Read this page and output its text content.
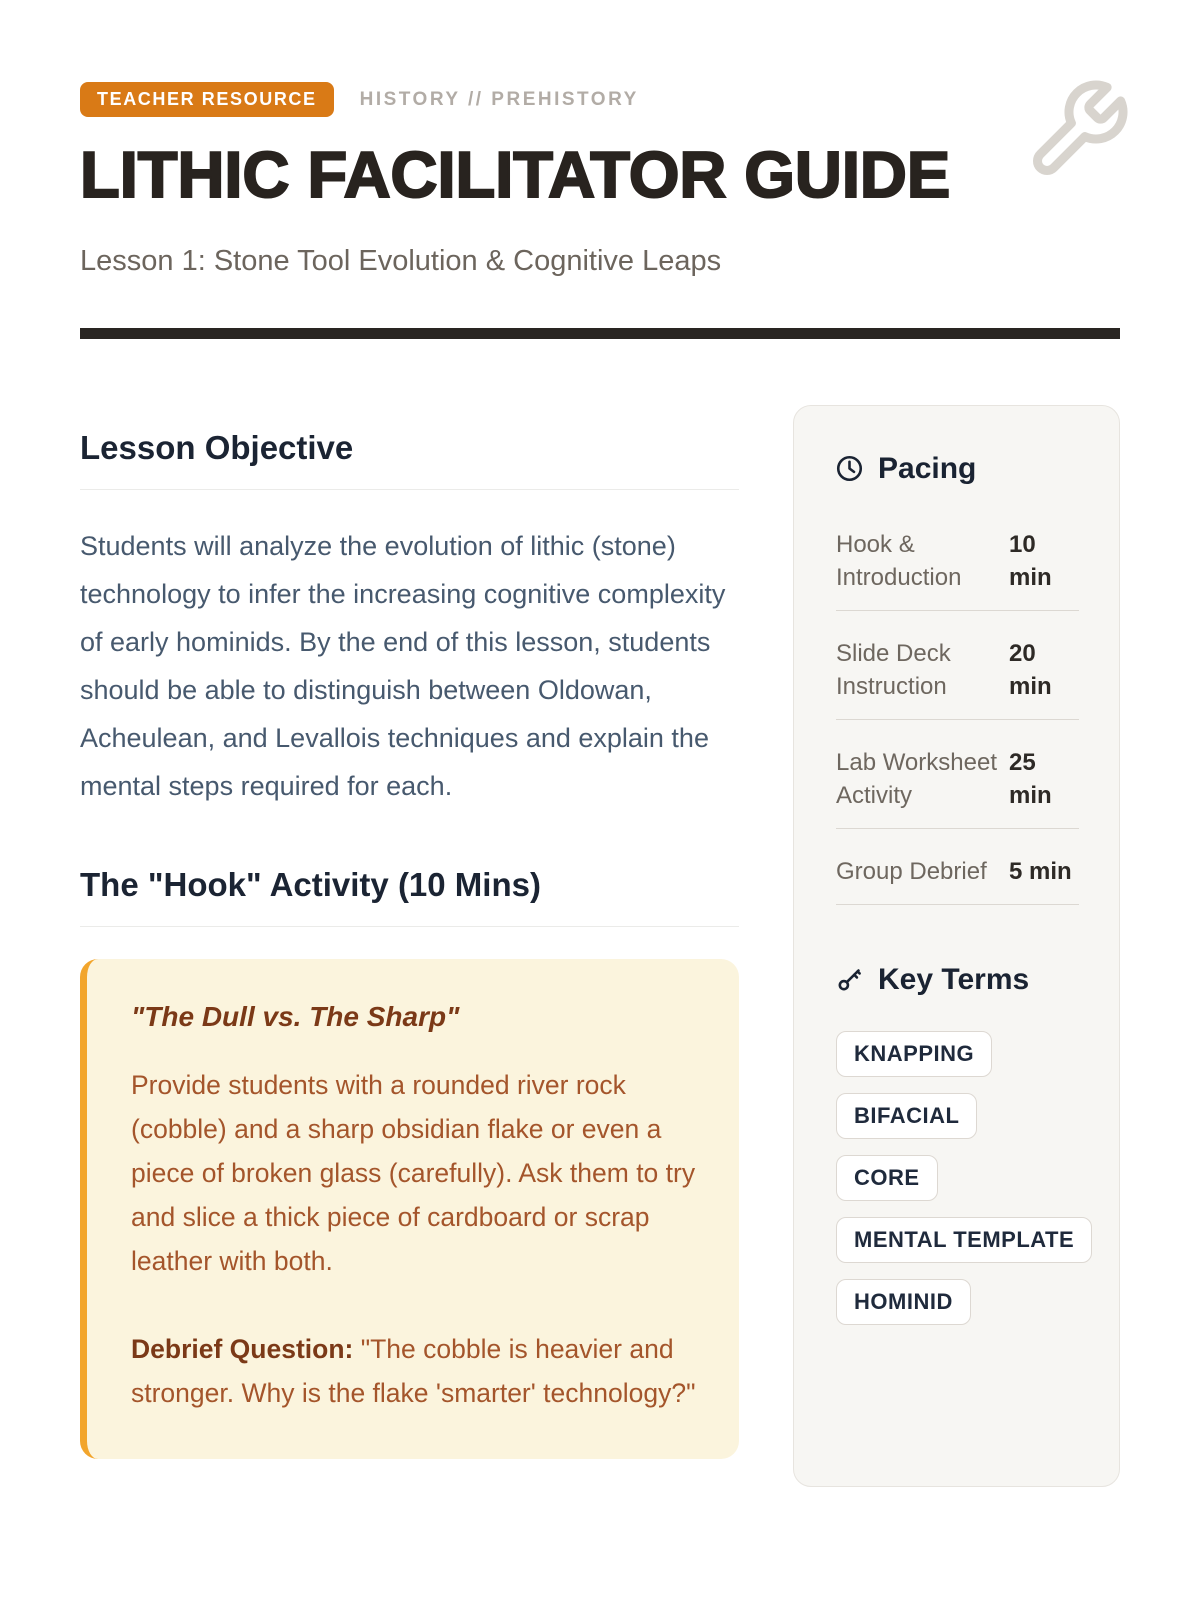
TEACHER RESOURCE	HISTORY // PREHISTORY
LITHIC FACILITATOR GUIDE
Lesson 1: Stone Tool Evolution & Cognitive Leaps
Lesson Objective

Students will analyze the evolution of lithic (stone) technology to infer the increasing cognitive complexity of early hominids. By the end of this lesson, students should be able to distinguish between Oldowan, Acheulean, and Levallois techniques and explain the mental steps required for each.

The "Hook" Activity (10 Mins)
"The Dull vs. The Sharp"

Provide students with a rounded river rock (cobble) and a sharp obsidian flake or even a piece of broken glass (carefully). Ask them to try and slice a thick piece of cardboard or scrap leather with both.

Debrief Question: "The cobble is heavier and stronger. Why is the flake 'smarter' technology?"

Pacing
Hook & Introduction
10 min
Slide Deck Instruction
20 min
Lab Worksheet Activity
25 min
Group Debrief 5 min
Key Terms
KNAPPING
BIFACIAL
CORE
MENTAL TEMPLATE
HOMINID
